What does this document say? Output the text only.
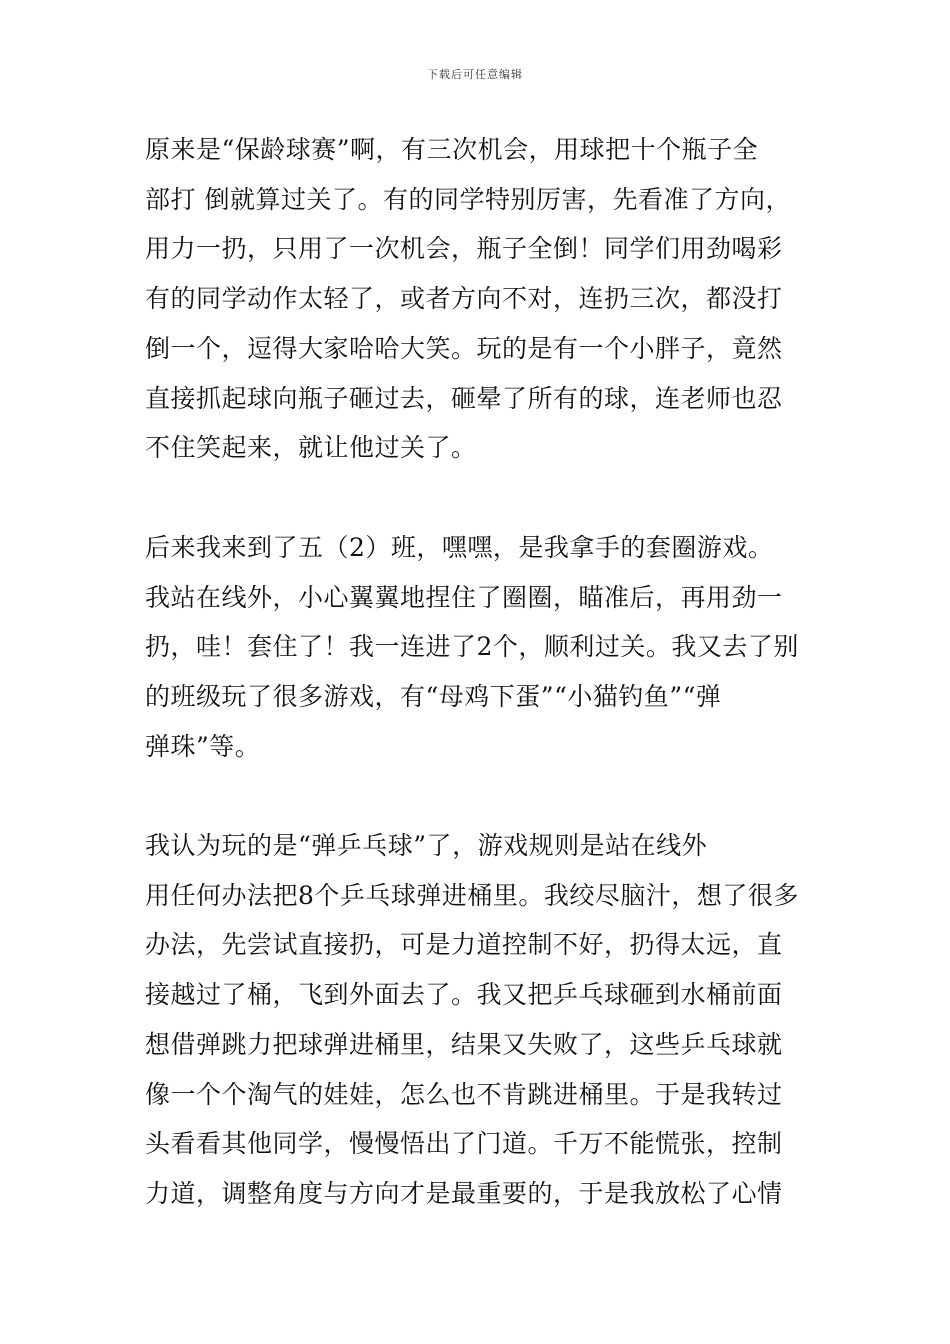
下载后可任意编辑
原来是“保龄球赛”啊，有三次机会，用球把十个瓶子全
部打 倒就算过关了。有的同学特别厉害，先看准了方向，
用力一扔，只用了一次机会，瓶子全倒！同学们用劲喝彩
有的同学动作太轻了，或者方向不对，连扔三次，都没打
倒一个，逗得大家哈哈大笑。玩的是有一个小胖子，竟然
直接抓起球向瓶子砸过去，砸晕了所有的球，连老师也忍
不住笑起来，就让他过关了。
后来我来到了五（2）班，嘿嘿，是我拿手的套圈游戏。
我站在线外，小心翼翼地捏住了圈圈，瞄准后，再用劲一
扔，哇！套住了！我一连进了2个，顺利过关。我又去了别
的班级玩了很多游戏，有“母鸡下蛋”“小猫钓鱼”“弹
弹珠”等。
我认为玩的是“弹乒乓球”了，游戏规则是站在线外
用任何办法把8个乒乓球弹进桶里。我绞尽脑汁，想了很多
办法，先尝试直接扔，可是力道控制不好，扔得太远，直
接越过了桶，飞到外面去了。我又把乒乓球砸到水桶前面
想借弹跳力把球弹进桶里，结果又失败了，这些乒乓球就
像一个个淘气的娃娃，怎么也不肯跳进桶里。于是我转过
头看看其他同学，慢慢悟出了门道。千万不能慌张，控制
力道，调整角度与方向才是最重要的，于是我放松了心情
